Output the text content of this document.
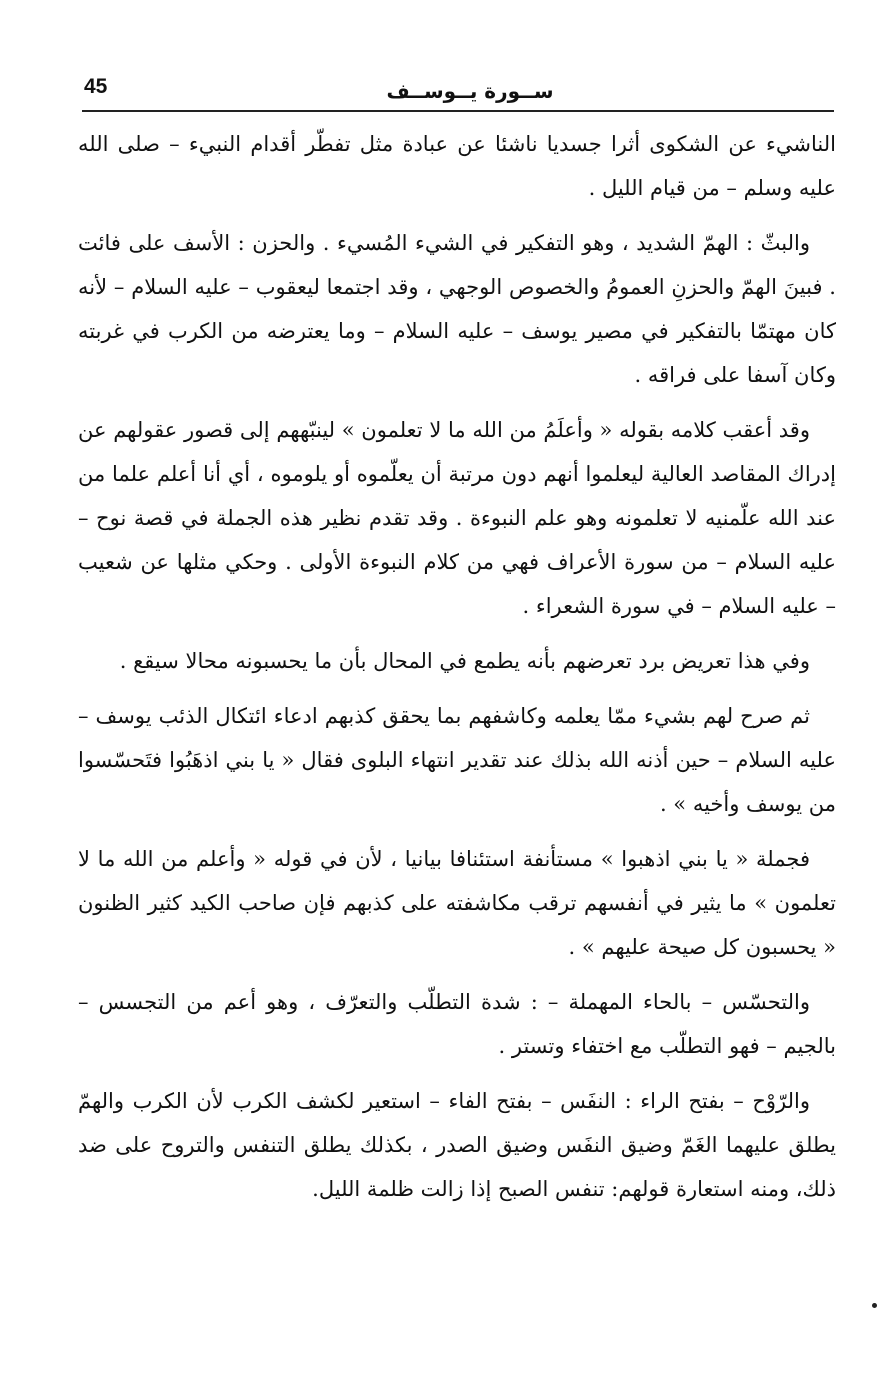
45	ســورة يــوســف

الناشيء عن الشكوى أثرا جسديا ناشئا عن عبادة مثل تفطّر أقدام النبيء – صلى الله عليه وسلم – من قيام الليل .

والبثّ : الهمّ الشديد ، وهو التفكير في الشيء المُسيء . والحزن : الأسف على فائت . فبينَ الهمّ والحزنِ العمومُ والخصوص الوجهي ، وقد اجتمعا ليعقوب – عليه السلام – لأنه كان مهتمّا بالتفكير في مصير يوسف – عليه السلام – وما يعترضه من الكرب في غربته وكان آسفا على فراقه .

وقد أعقب كلامه بقوله « وأعلَمُ من الله ما لا تعلمون » لينبّههم إلى قصور عقولهم عن إدراك المقاصد العالية ليعلموا أنهم دون مرتبة أن يعلّموه أو يلوموه ، أي أنا أعلم علما من عند الله علّمنيه لا تعلمونه وهو علم النبوءة . وقد تقدم نظير هذه الجملة في قصة نوح – عليه السلام – من سورة الأعراف فهي من كلام النبوءة الأولى . وحكي مثلها عن شعيب – عليه السلام – في سورة الشعراء .

وفي هذا تعريض برد تعرضهم بأنه يطمع في المحال بأن ما يحسبونه محالا سيقع .

ثم صرح لهم بشيء ممّا يعلمه وكاشفهم بما يحقق كذبهم ادعاء ائتكال الذئب يوسف – عليه السلام – حين أذنه الله بذلك عند تقدير انتهاء البلوى فقال « يا بني اذهَبُوا فتَحسّسوا من يوسف وأخيه » .

فجملة « يا بني اذهبوا » مستأنفة استئنافا بيانيا ، لأن في قوله « وأعلم من الله ما لا تعلمون » ما يثير في أنفسهم ترقب مكاشفته على كذبهم فإن صاحب الكيد كثير الظنون « يحسبون كل صيحة عليهم » .

والتحسّس – بالحاء المهملة – : شدة التطلّب والتعرّف ، وهو أعم من التجسس – بالجيم – فهو التطلّب مع اختفاء وتستر .

والرّوْح – بفتح الراء : النفَس – بفتح الفاء – استعير لكشف الكرب لأن الكرب والهمّ يطلق عليهما الغَمّ وضيق النفَس وضيق الصدر ، بكذلك يطلق التنفس والتروح على ضد ذلك، ومنه استعارة قولهم: تنفس الصبح إذا زالت ظلمة الليل.
